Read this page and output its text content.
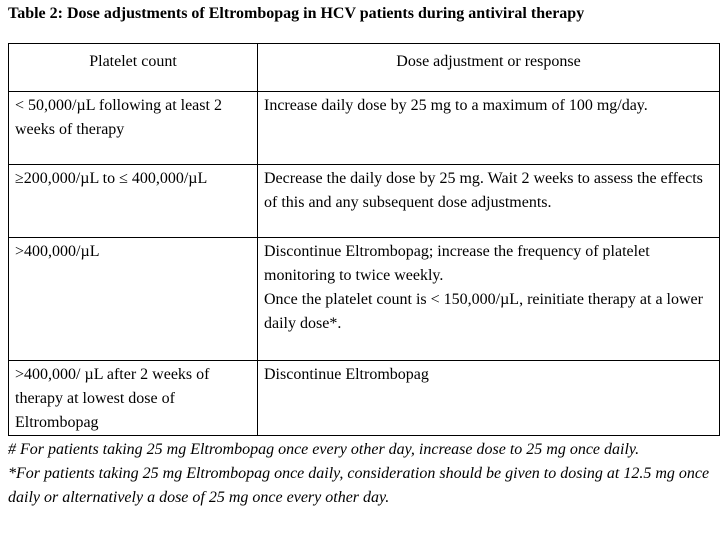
Table 2: Dose adjustments of Eltrombopag in HCV patients during antiviral therapy
Platelet count	Dose adjustment or response
< 50,000/µL following at least 2 weeks of therapy	Increase daily dose by 25 mg to a maximum of 100 mg/day.

≥200,000/µL to ≤ 400,000/µL	Decrease the daily dose by 25 mg. Wait 2 weeks to assess the effects of this and any subsequent dose adjustments.

>400,000/µL	Discontinue Eltrombopag; increase the frequency of platelet monitoring to twice weekly.
Once the platelet count is < 150,000/µL, reinitiate therapy at a lower daily dose*.

>400,000/ µL after 2 weeks of therapy at lowest dose of Eltrombopag	Discontinue Eltrombopag

# For patients taking 25 mg Eltrombopag once every other day, increase dose to 25 mg once daily.

*For patients taking 25 mg Eltrombopag once daily, consideration should be given to dosing at 12.5 mg once daily or alternatively a dose of 25 mg once every other day.
